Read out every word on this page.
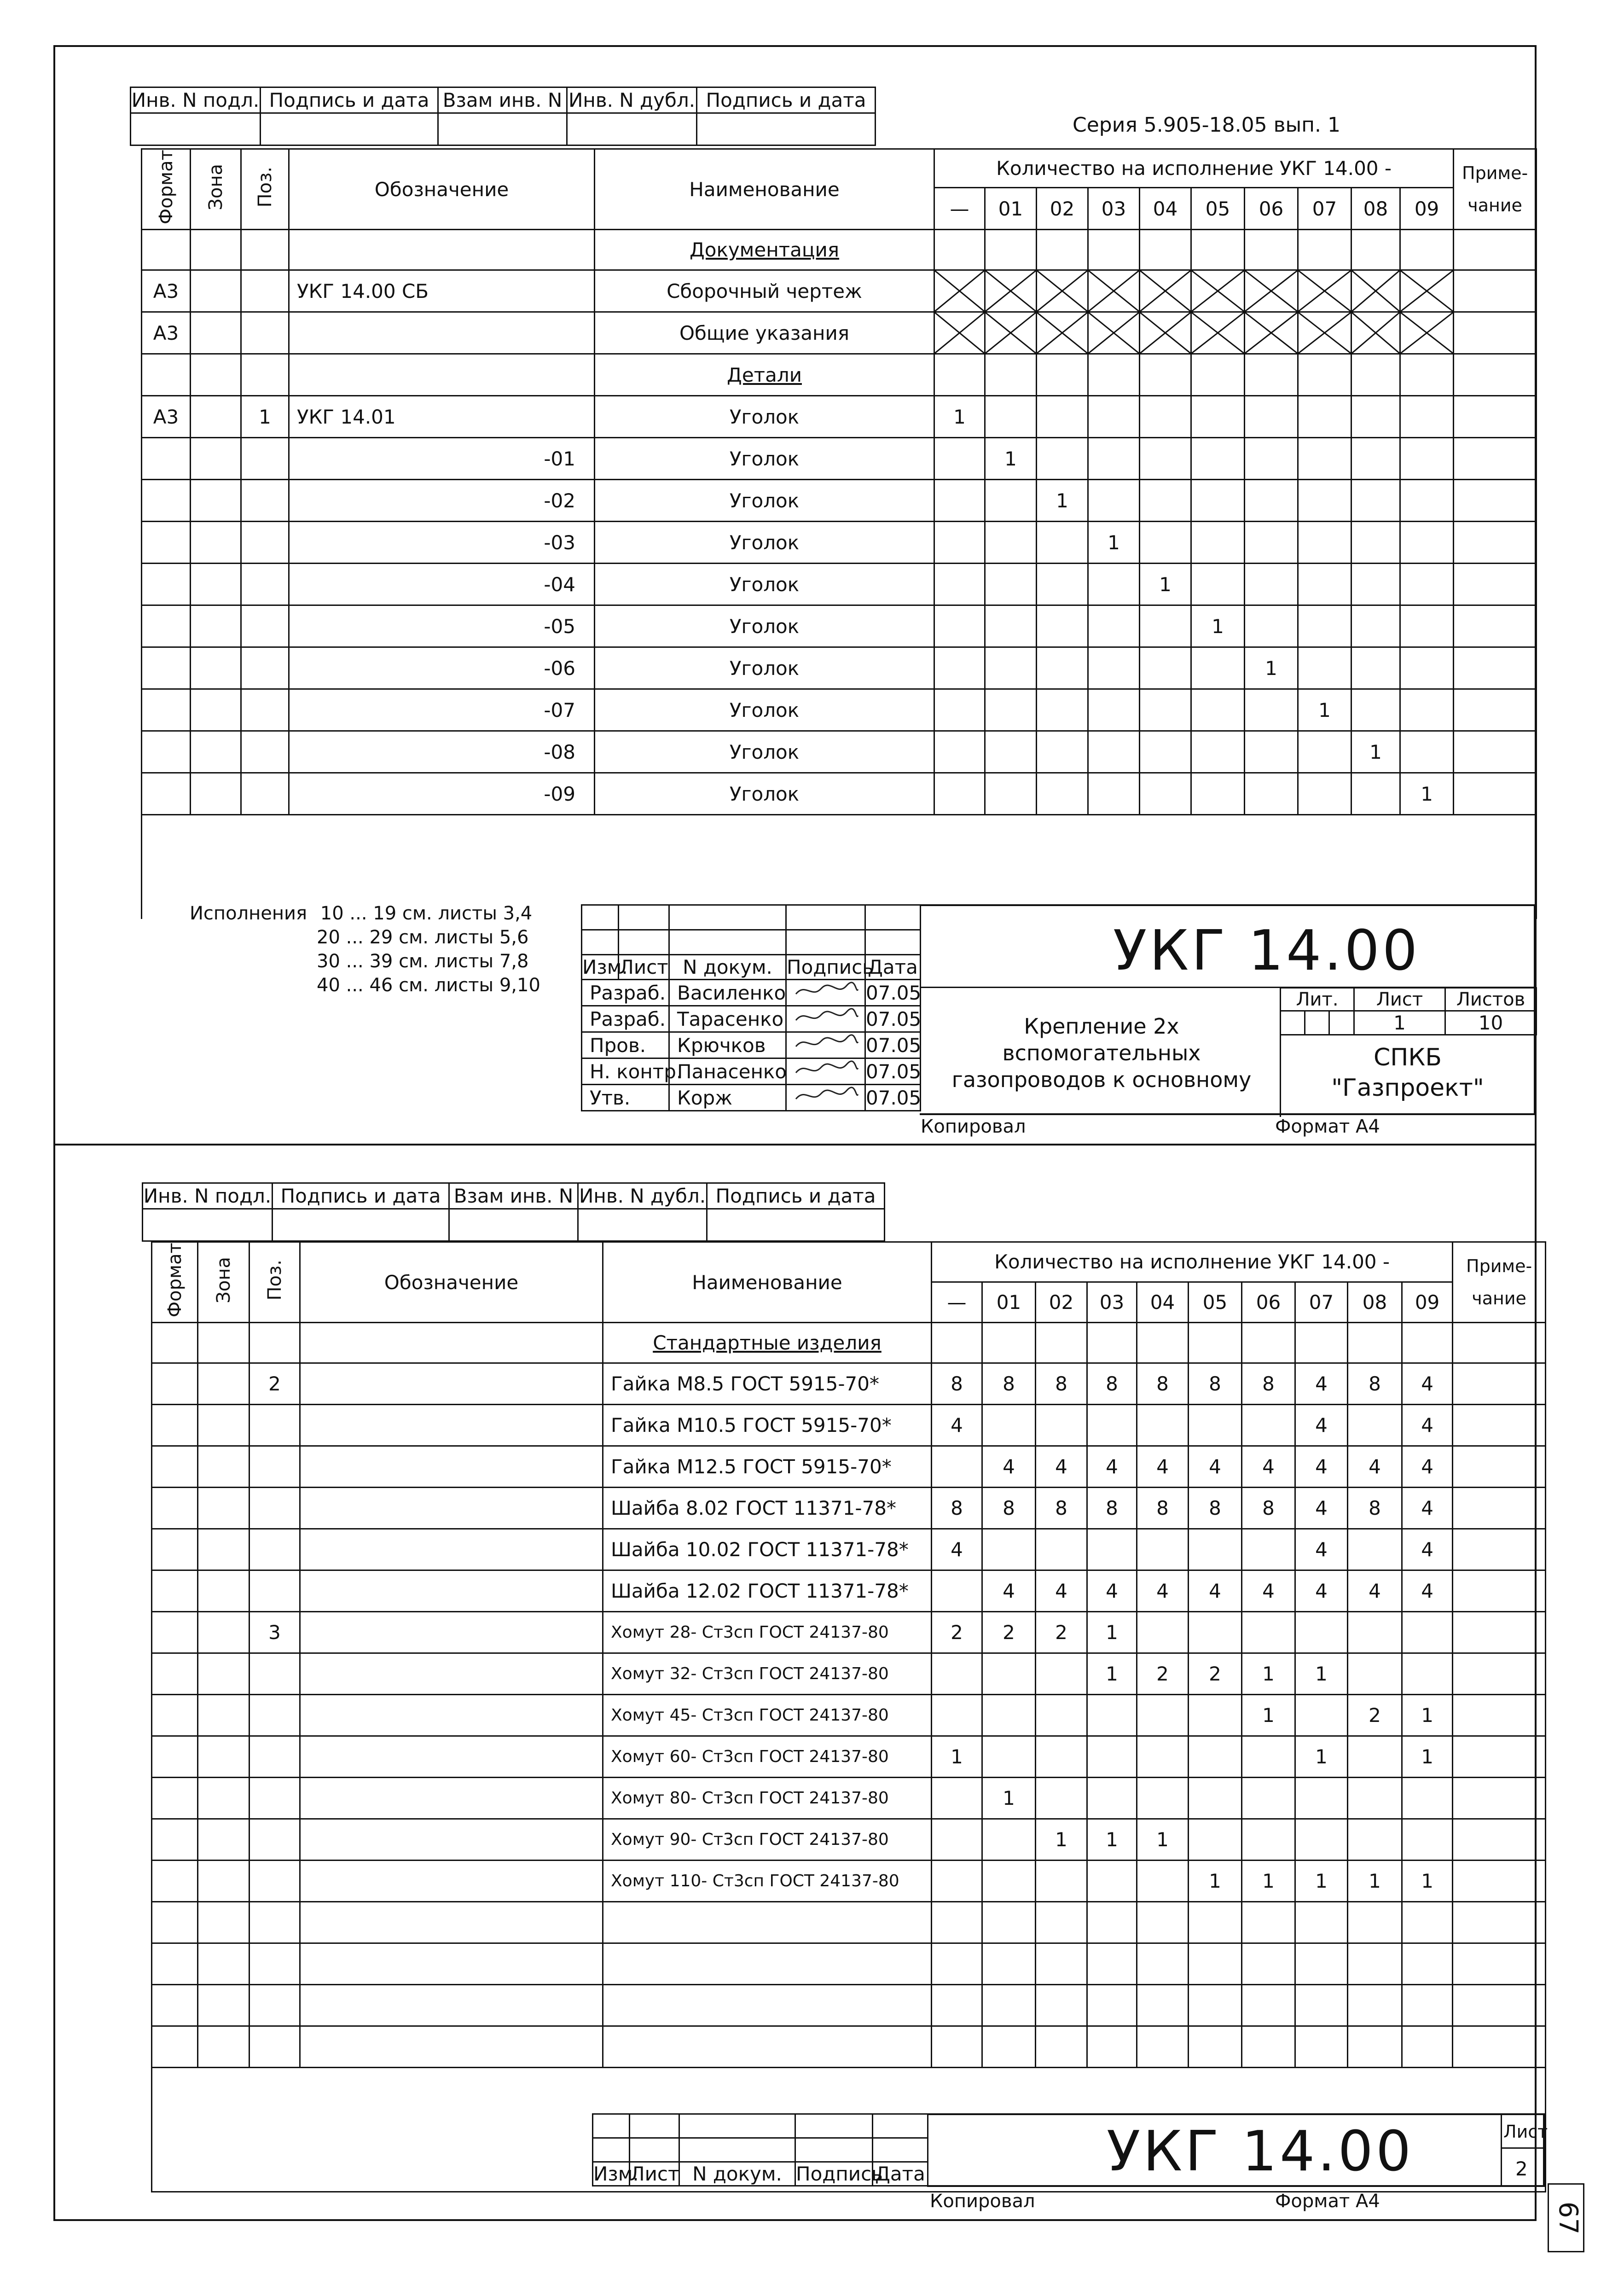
Инв. N подл.	Подпись и дата	Взам инв. N	Инв. N дубл.	Подпись и дата

Серия 5.905-18.05 вып. 1
Формат	Зона	Поз.	Обозначение	Наименование	Количество на исполнение УКГ 14.00 -										Приме-
чание

					—	01	02	03	04	05	06	07	08	09	
				Документация											
А3			УКГ 14.00 СБ	Сборочный чертеж	

А3				Общие указания	

				Детали											
А3		1	УКГ 14.01	Уголок	1										
			-01	Уголок		1									
			-02	Уголок			1								
			-03	Уголок				1							
			-04	Уголок					1						
			-05	Уголок						1					
			-06	Уголок							1				
			-07	Уголок								1			
			-08	Уголок									1		
			-09	Уголок										1	

Исполнения 10 ... 19 см. листы 3,4
20 ... 29 см. листы 5,6
30 ... 39 см. листы 7,8
40 ... 46 см. листы 9,10

Изм.	Лист	N докум.	Подпись	Дата
Разраб.		Василенко		07.05
Разраб.		Тарасенко		07.05
Пров.		Крючков		07.05
Н. контр.		Панасенко		07.05
Утв.		Корж		07.05
УКГ 14.00
Крепление 2х вспомогательных
газопроводов к основному
Лит.			Лист	Листов
			1	10
СПКБ
"Газпроект"
Копировал	Формат А4
Инв. N подл.	Подпись и дата	Взам инв. N	Инв. N дубл.	Подпись и дата

Формат	Зона	Поз.	Обозначение	Наименование	Количество на исполнение УКГ 14.00 -										Приме-
чание

					—	01	02	03	04	05	06	07	08	09	
				Стандартные изделия											
		2		Гайка М8.5 ГОСТ 5915-70*	8	8	8	8	8	8	8	4	8	4	
				Гайка М10.5 ГОСТ 5915-70*	4							4		4	
				Гайка М12.5 ГОСТ 5915-70*		4	4	4	4	4	4	4	4	4	
				Шайба 8.02 ГОСТ 11371-78*	8	8	8	8	8	8	8	4	8	4	
				Шайба 10.02 ГОСТ 11371-78*	4							4		4	
				Шайба 12.02 ГОСТ 11371-78*		4	4	4	4	4	4	4	4	4	
		3		Хомут 28- Ст3сп ГОСТ 24137-80	2	2	2	1							
				Хомут 32- Ст3сп ГОСТ 24137-80				1	2	2	1	1			
				Хомут 45- Ст3сп ГОСТ 24137-80							1		2	1	
				Хомут 60- Ст3сп ГОСТ 24137-80	1							1		1	
				Хомут 80- Ст3сп ГОСТ 24137-80		1									
				Хомут 90- Ст3сп ГОСТ 24137-80			1	1	1						
				Хомут 110- Ст3сп ГОСТ 24137-80						1	1	1	1	1	

Изм.	Лист	N докум.	Подпись	Дата	УКГ 14.00	Лист
2
Копировал	Формат А4
67
